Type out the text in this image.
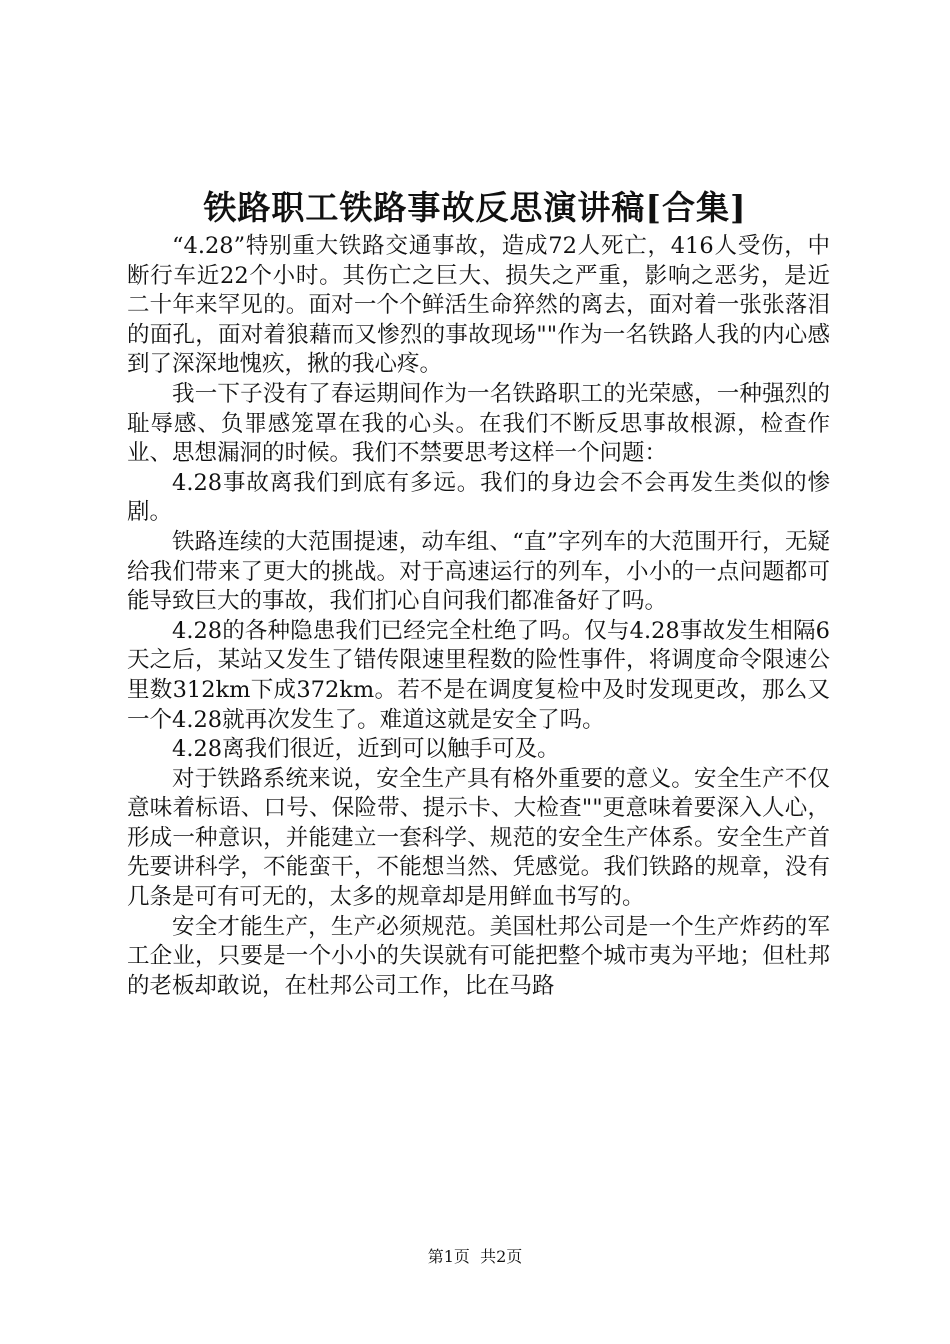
铁路职工铁路事故反思演讲稿[合集]

“4.28”特别重大铁路交通事故，造成72人死亡，416人受伤，中断行车近22个小时。其伤亡之巨大、损失之严重，影响之恶劣，是近二十年来罕见的。面对一个个鲜活生命猝然的离去，面对着一张张落泪的面孔，面对着狼藉而又惨烈的事故现场""作为一名铁路人我的内心感到了深深地愧疚，揪的我心疼。

我一下子没有了春运期间作为一名铁路职工的光荣感，一种强烈的耻辱感、负罪感笼罩在我的心头。在我们不断反思事故根源，检查作业、思想漏洞的时候。我们不禁要思考这样一个问题：

4.28事故离我们到底有多远。我们的身边会不会再发生类似的惨剧。

铁路连续的大范围提速，动车组、“直”字列车的大范围开行，无疑给我们带来了更大的挑战。对于高速运行的列车，小小的一点问题都可能导致巨大的事故，我们扪心自问我们都准备好了吗。

4.28的各种隐患我们已经完全杜绝了吗。仅与4.28事故发生相隔6天之后，某站又发生了错传限速里程数的险性事件，将调度命令限速公里数312km下成372km。若不是在调度复检中及时发现更改，那么又一个4.28就再次发生了。难道这就是安全了吗。

4.28离我们很近，近到可以触手可及。

对于铁路系统来说，安全生产具有格外重要的意义。安全生产不仅意味着标语、口号、保险带、提示卡、大检查""更意味着要深入人心，形成一种意识，并能建立一套科学、规范的安全生产体系。安全生产首先要讲科学，不能蛮干，不能想当然、凭感觉。我们铁路的规章，没有几条是可有可无的，太多的规章却是用鲜血书写的。

安全才能生产，生产必须规范。美国杜邦公司是一个生产炸药的军工企业，只要是一个小小的失误就有可能把整个城市夷为平地；但杜邦的老板却敢说，在杜邦公司工作，比在马路

第1页 共2页
